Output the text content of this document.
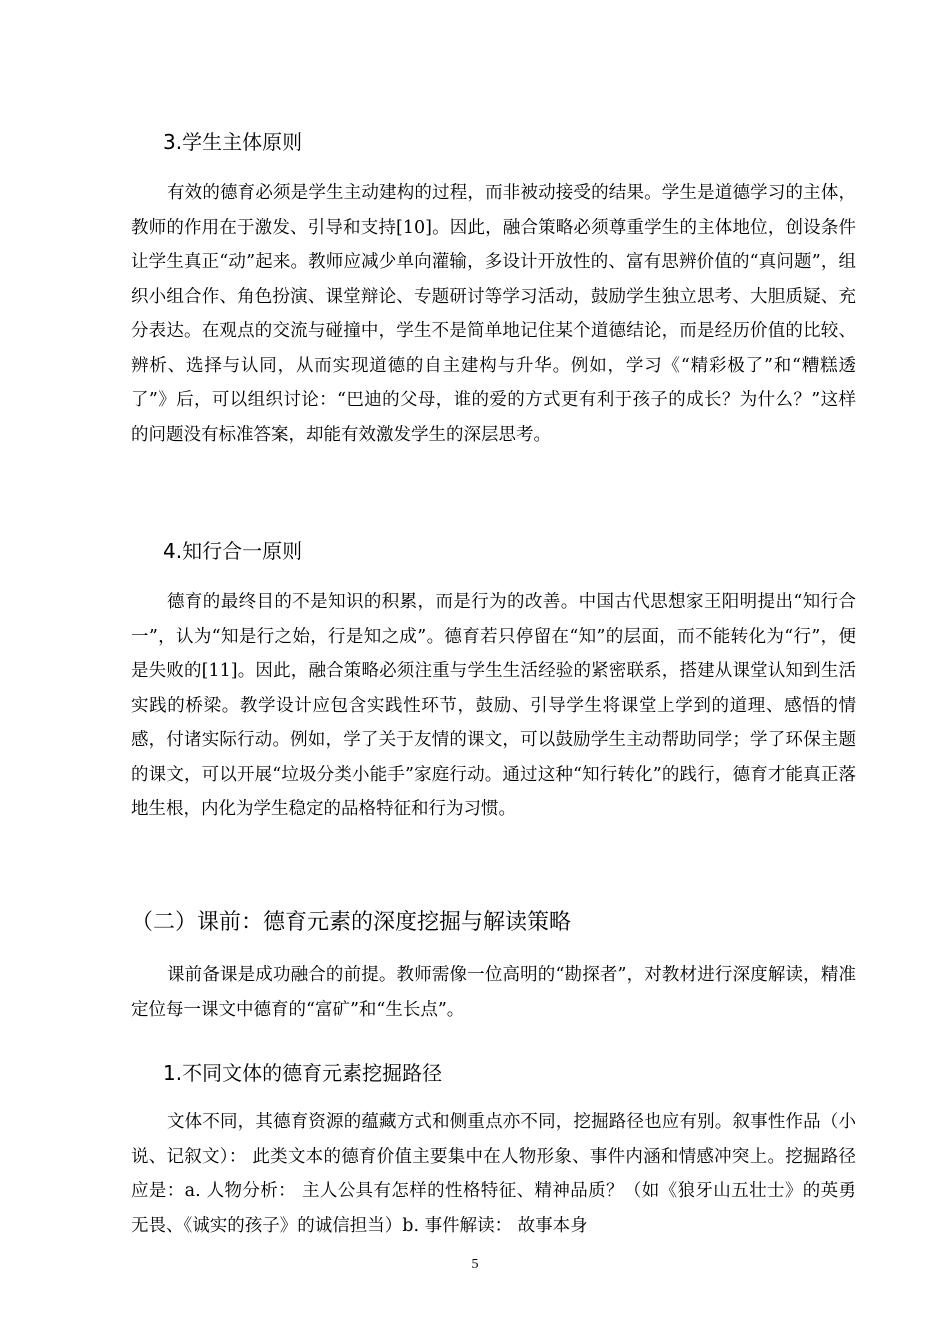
3.学生主体原则

有效的德育必须是学生主动建构的过程，而非被动接受的结果。学生是道德学习的主体，教师的作用在于激发、引导和支持[10]。因此，融合策略必须尊重学生的主体地位，创设条件让学生真正“动”起来。教师应减少单向灌输，多设计开放性的、富有思辨价值的“真问题”，组织小组合作、角色扮演、课堂辩论、专题研讨等学习活动，鼓励学生独立思考、大胆质疑、充分表达。在观点的交流与碰撞中，学生不是简单地记住某个道德结论，而是经历价值的比较、辨析、选择与认同，从而实现道德的自主建构与升华。例如，学习《“精彩极了”和“糟糕透了”》后，可以组织讨论：“巴迪的父母，谁的爱的方式更有利于孩子的成长？为什么？”这样的问题没有标准答案，却能有效激发学生的深层思考。

4.知行合一原则

德育的最终目的不是知识的积累，而是行为的改善。中国古代思想家王阳明提出“知行合一”，认为“知是行之始，行是知之成”。德育若只停留在“知”的层面，而不能转化为“行”，便是失败的[11]。因此，融合策略必须注重与学生生活经验的紧密联系，搭建从课堂认知到生活实践的桥梁。教学设计应包含实践性环节，鼓励、引导学生将课堂上学到的道理、感悟的情感，付诸实际行动。例如，学了关于友情的课文，可以鼓励学生主动帮助同学；学了环保主题的课文，可以开展“垃圾分类小能手”家庭行动。通过这种“知行转化”的践行，德育才能真正落地生根，内化为学生稳定的品格特征和行为习惯。

（二）课前：德育元素的深度挖掘与解读策略

课前备课是成功融合的前提。教师需像一位高明的“勘探者”，对教材进行深度解读，精准定位每一课文中德育的“富矿”和“生长点”。

1.不同文体的德育元素挖掘路径

文体不同，其德育资源的蕴藏方式和侧重点亦不同，挖掘路径也应有别。叙事性作品（小说、记叙文）： 此类文本的德育价值主要集中在人物形象、事件内涵和情感冲突上。挖掘路径应是：a. 人物分析： 主人公具有怎样的性格特征、精神品质？（如《狼牙山五壮士》的英勇无畏、《诚实的孩子》的诚信担当）b. 事件解读： 故事本身

5
